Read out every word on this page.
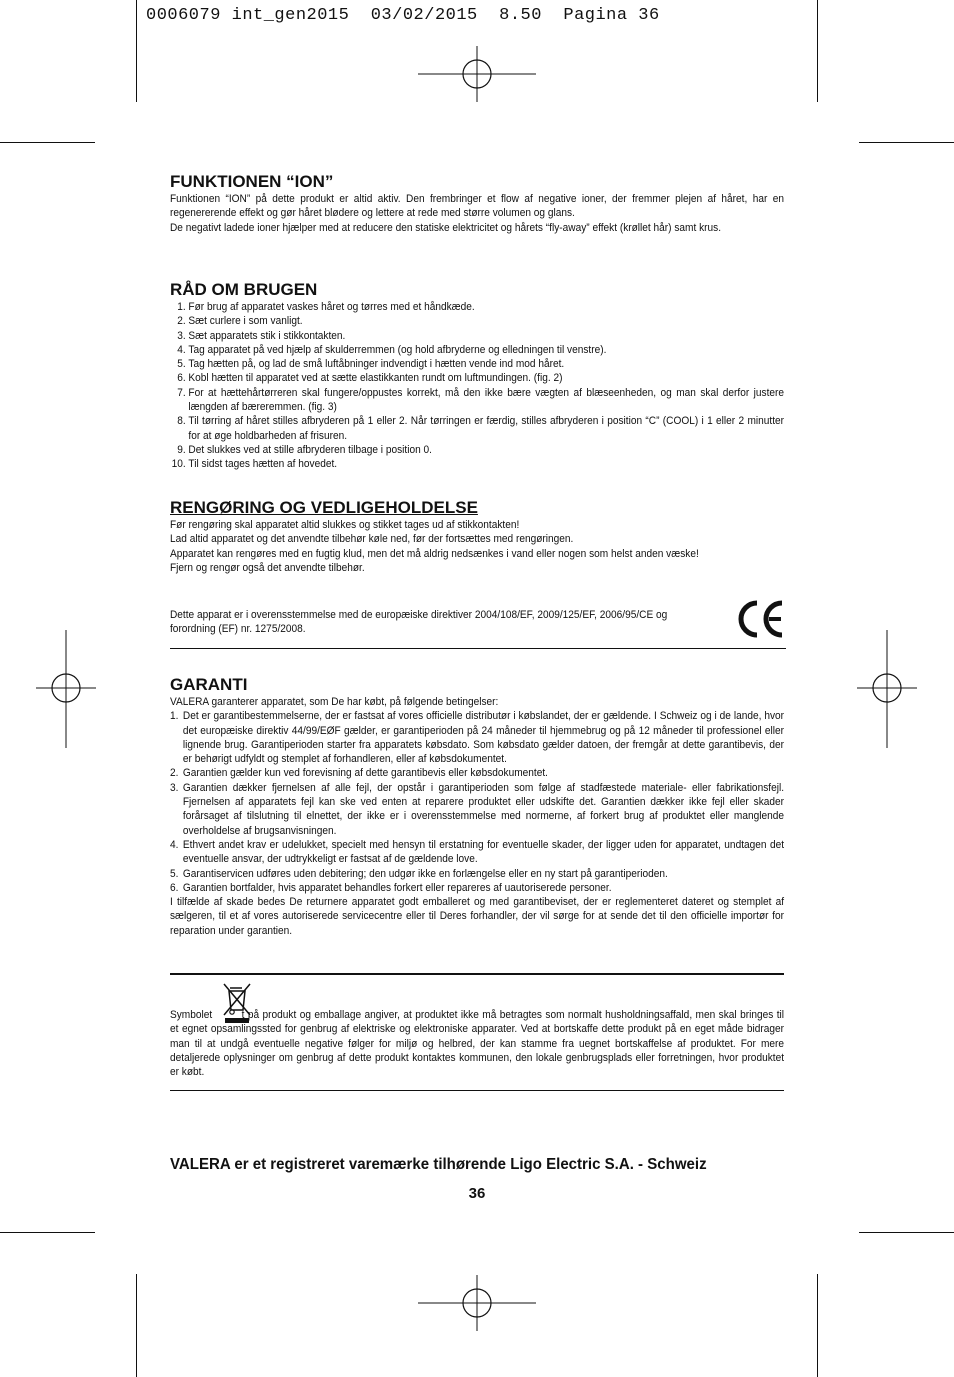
0006079 int_gen2015  03/02/2015  8.50  Pagina 36
FUNKTIONEN “ION”

Funktionen “ION” på dette produkt er altid aktiv. Den frembringer et flow af negative ioner, der fremmer plejen af håret, har en regenererende effekt og gør håret blødere og lettere at rede med større volumen og glans.

De negativt ladede ioner hjælper med at reducere den statiske elektricitet og hårets “fly-away” effekt (krøllet hår) samt krus.

RÅD OM BRUGEN
1. Før brug af apparatet vaskes håret og tørres med et håndkæde.
2. Sæt curlere i som vanligt.
3. Sæt apparatets stik i stikkontakten.
4. Tag apparatet på ved hjælp af skulderremmen (og hold afbryderne og elledningen til venstre).
5. Tag hætten på, og lad de små luftåbninger indvendigt i hætten vende ind mod håret.
6. Kobl hætten til apparatet ved at sætte elastikkanten rundt om luftmundingen. (fig. 2)
7. For at hættehårtørreren skal fungere/oppustes korrekt, må den ikke bære vægten af blæseenheden, og man skal derfor justere længden af bæreremmen. (fig. 3)
8. Til tørring af håret stilles afbryderen på 1 eller 2. Når tørringen er færdig, stilles afbryderen i position “C” (COOL) i 1 eller 2 minutter for at øge holdbarheden af frisuren.
9. Det slukkes ved at stille afbryderen tilbage i position 0.
10. Til sidst tages hætten af hovedet.
RENGØRING OG VEDLIGEHOLDELSE

Før rengøring skal apparatet altid slukkes og stikket tages ud af stikkontakten!

Lad altid apparatet og det anvendte tilbehør køle ned, før der fortsættes med rengøringen.

Apparatet kan rengøres med en fugtig klud, men det må aldrig nedsænkes i vand eller nogen som helst anden væske!

Fjern og rengør også det anvendte tilbehør.

Dette apparat er i overensstemmelse med de europæiske direktiver 2004/108/EF, 2009/125/EF, 2006/95/CE og forordning (EF) nr. 1275/2008.

GARANTI

VALERA garanterer apparatet, som De har købt, på følgende betingelser:

1. Det er garantibestemmelserne, der er fastsat af vores officielle distributør i købslandet, der er gældende. I Schweiz og i de lande, hvor det europæiske direktiv 44/99/EØF gælder, er garantiperioden på 24 måneder til hjemmebrug og på 12 måneder til professionel eller lignende brug. Garantiperioden starter fra apparatets købsdato. Som købsdato gælder datoen, der fremgår at dette garantibevis, der er behørigt udfyldt og stemplet af forhandleren, eller af købsdokumentet.
2. Garantien gælder kun ved forevisning af dette garantibevis eller købsdokumentet.
3. Garantien dækker fjernelsen af alle fejl, der opstår i garantiperioden som følge af stadfæstede materiale- eller fabrikationsfejl. Fjernelsen af apparatets fejl kan ske ved enten at reparere produktet eller udskifte det. Garantien dækker ikke fejl eller skader forårsaget af tilslutning til elnettet, der ikke er i overensstemmelse med normerne, af forkert brug af produktet eller manglende overholdelse af brugsanvisningen.
4. Ethvert andet krav er udelukket, specielt med hensyn til erstatning for eventuelle skader, der ligger uden for apparatet, undtagen det eventuelle ansvar, der udtrykkeligt er fastsat af de gældende love.
5. Garantiservicen udføres uden debitering; den udgør ikke en forlængelse eller en ny start på garantiperioden.
6. Garantien bortfalder, hvis apparatet behandles forkert eller repareres af uautoriserede personer.

I tilfælde af skade bedes De returnere apparatet godt emballeret og med garantibeviset, der er reglementeret dateret og stemplet af sælgeren, til et af vores autoriserede servicecentre eller til Deres forhandler, der vil sørge for at sende det til den officielle importør for reparation under garantien.

Symbolet	t på produkt og emballage angiver, at produktet ikke må betragtes som normalt husholdningsaffald, men skal bringes til et egnet opsamlingssted for genbrug af elektriske og elektroniske apparater. Ved at bortskaffe dette produkt på en eget måde bidrager man til at undgå eventuelle negative følger for miljø og helbred, der kan stamme fra uegnet bortskaffelse af produktet. For mere detaljerede oplysninger om genbrug af dette produkt kontaktes kommunen, den lokale genbrugsplads eller forretningen, hvor produktet er købt.

VALERA er et registreret varemærke tilhørende Ligo Electric S.A. - Schweiz
36
